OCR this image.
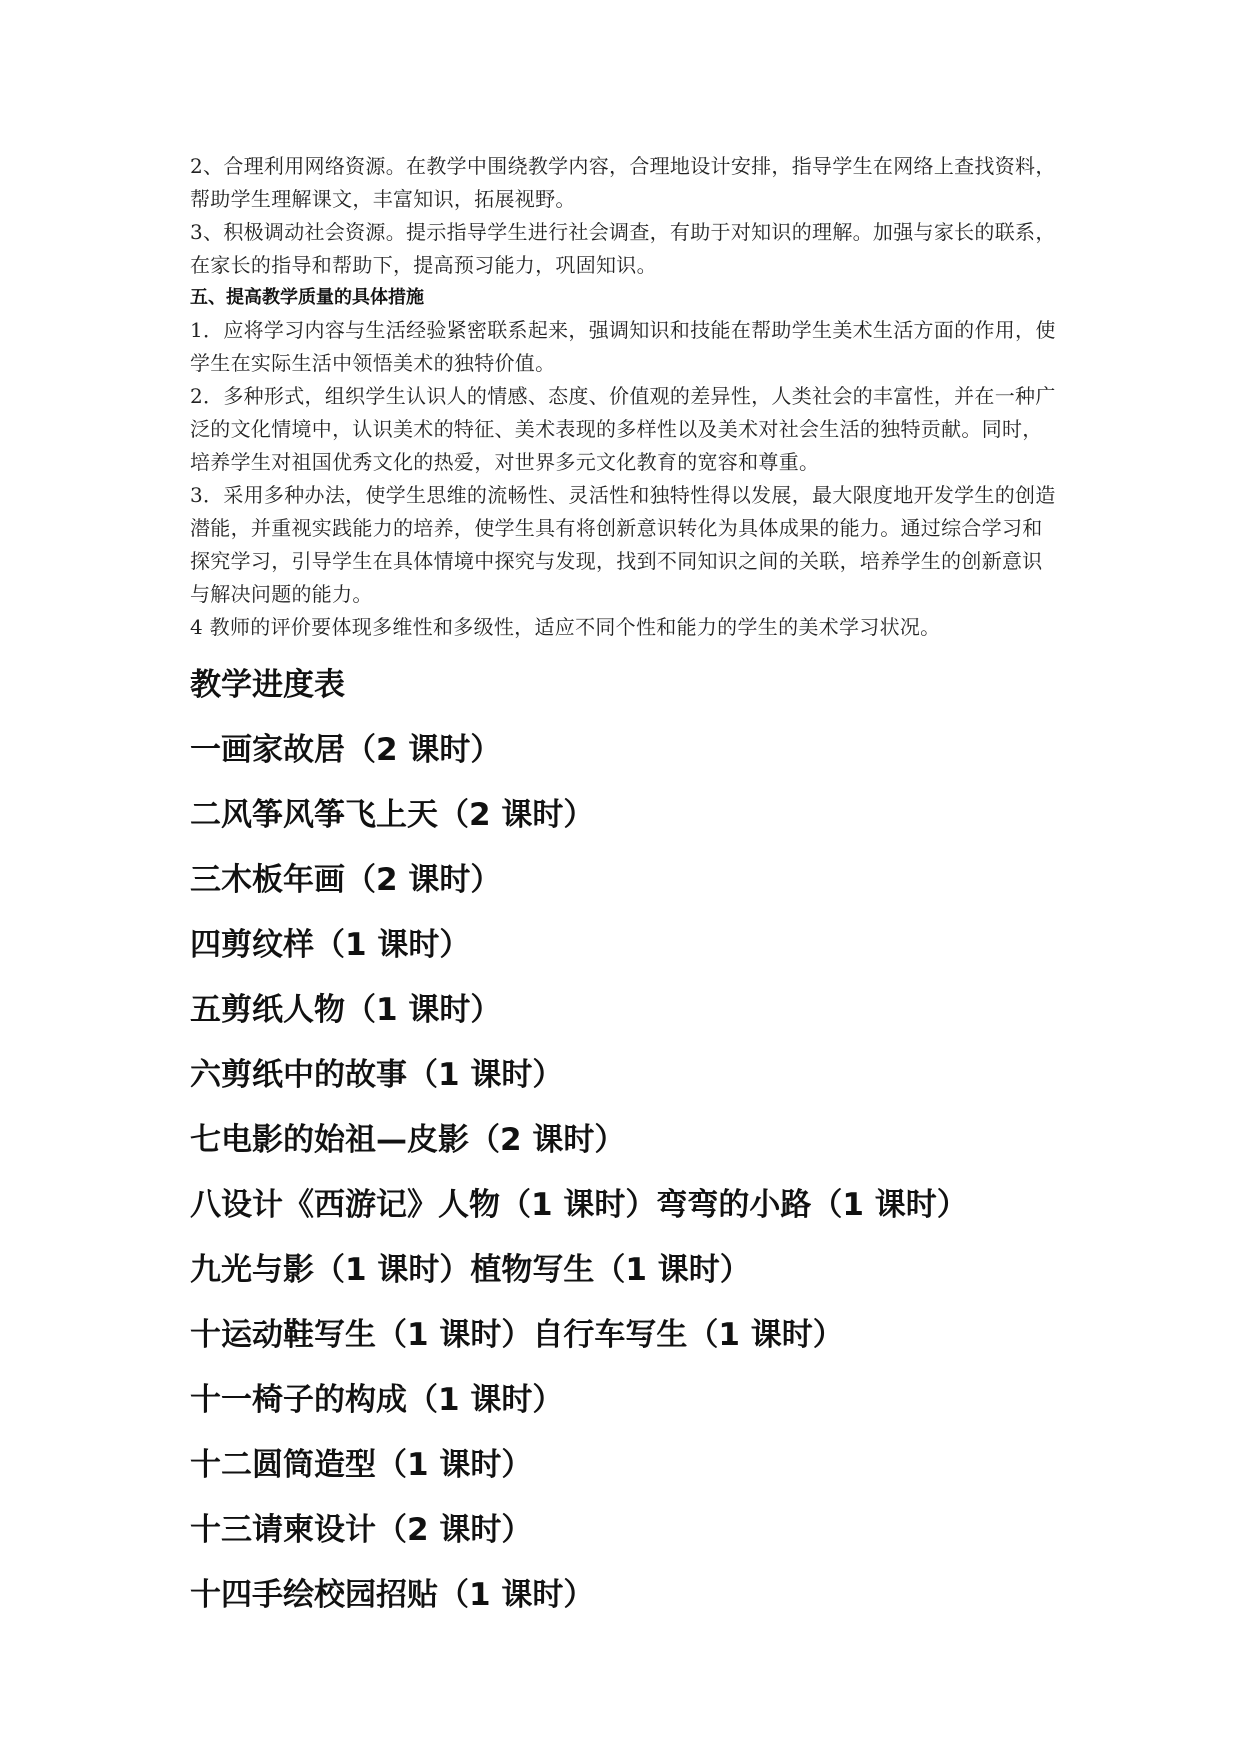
2、合理利用网络资源。在教学中围绕教学内容，合理地设计安排，指导学生在网络上查找资料，帮助学生理解课文，丰富知识，拓展视野。

3、积极调动社会资源。提示指导学生进行社会调查，有助于对知识的理解。加强与家长的联系，在家长的指导和帮助下，提高预习能力，巩固知识。

五、提高教学质量的具体措施

1．应将学习内容与生活经验紧密联系起来，强调知识和技能在帮助学生美术生活方面的作用，使学生在实际生活中领悟美术的独特价值。

2．多种形式，组织学生认识人的情感、态度、价值观的差异性，人类社会的丰富性，并在一种广泛的文化情境中，认识美术的特征、美术表现的多样性以及美术对社会生活的独特贡献。同时，培养学生对祖国优秀文化的热爱，对世界多元文化教育的宽容和尊重。

3．采用多种办法，使学生思维的流畅性、灵活性和独特性得以发展，最大限度地开发学生的创造潜能，并重视实践能力的培养，使学生具有将创新意识转化为具体成果的能力。通过综合学习和探究学习，引导学生在具体情境中探究与发现，找到不同知识之间的关联，培养学生的创新意识与解决问题的能力。

4 教师的评价要体现多维性和多级性，适应不同个性和能力的学生的美术学习状况。

教学进度表
一画家故居（2 课时）
二风筝风筝飞上天（2 课时）
三木板年画（2 课时）
四剪纹样（1 课时）
五剪纸人物（1 课时）
六剪纸中的故事（1 课时）
七电影的始祖—皮影（2 课时）
八设计《西游记》人物（1 课时）弯弯的小路（1 课时）
九光与影（1 课时）植物写生（1 课时）
十运动鞋写生（1 课时）自行车写生（1 课时）
十一椅子的构成（1 课时）
十二圆筒造型（1 课时）
十三请柬设计（2 课时）
十四手绘校园招贴（1 课时）
